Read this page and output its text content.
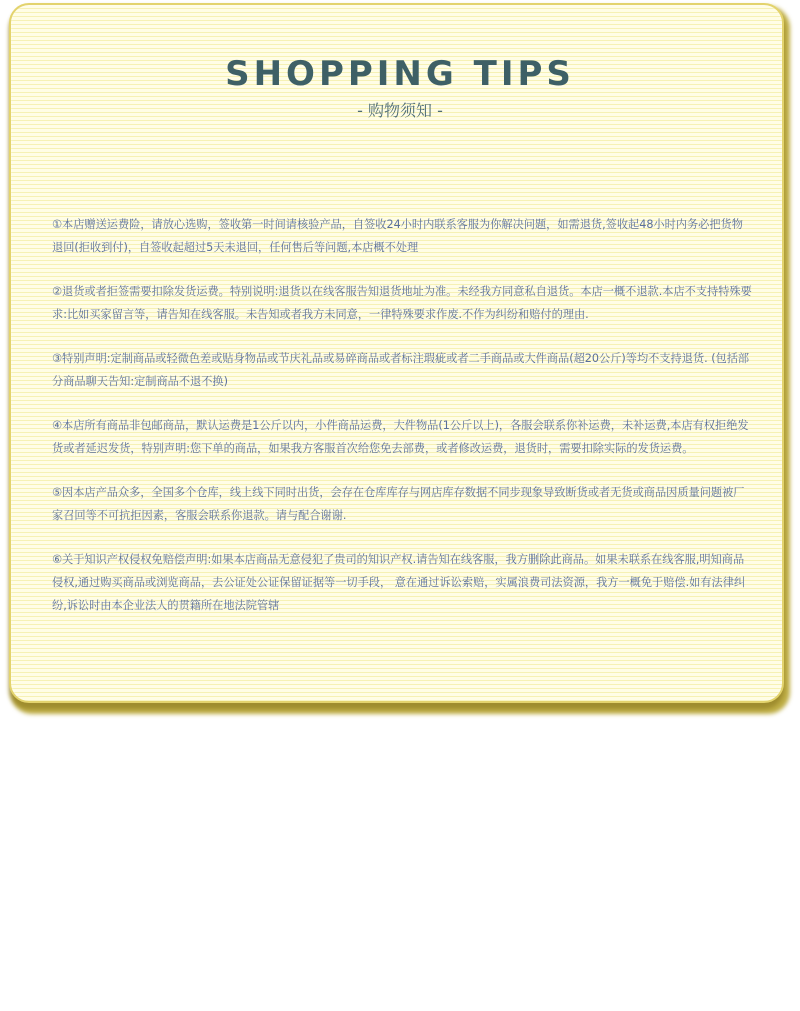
SHOPPING TIPS
- 购物须知 -
①本店赠送运费险，请放心选购，签收第一时间请核验产品，自签收24小时内联系客服为你解决问题，如需退货,签收起48小时内务必把货物退回(拒收到付)，自签收起超过5天未退回，任何售后等问题,本店概不处理
②退货或者拒签需要扣除发货运费。特别说明:退货以在线客服告知退货地址为准。未经我方同意私自退货。本店一概不退款.本店不支持特殊要求:比如买家留言等，请告知在线客服。未告知或者我方未同意，一律特殊要求作废.不作为纠纷和赔付的理由.
③特别声明:定制商品或轻微色差或贴身物品或节庆礼品或易碎商品或者标注瑕疵或者二手商品或大件商品(超20公斤)等均不支持退货. (包括部分商品聊天告知:定制商品不退不换)
④本店所有商品非包邮商品，默认运费是1公斤以内，小件商品运费，大件物品(1公斤以上)，各服会联系你补运费，未补运费,本店有权拒绝发货或者延迟发货，特别声明:您下单的商品，如果我方客服首次给您免去部费，或者修改运费，退货时，需要扣除实际的发货运费。
⑤因本店产品众多，全国多个仓库，线上线下同时出货，会存在仓库库存与网店库存数据不同步现象导致断货或者无货或商品因质量问题被厂家召回等不可抗拒因素，客服会联系你退款。请与配合谢谢.
⑥关于知识产权侵权免赔偿声明:如果本店商品无意侵犯了贵司的知识产权.请告知在线客服，我方删除此商品。如果未联系在线客服,明知商品侵权,通过购买商品或浏览商品，去公证处公证保留证据等一切手段， 意在通过诉讼索赔，实属浪费司法资源，我方一概免于赔偿.如有法律纠纷,诉讼时由本企业法人的贯籍所在地法院管辖
